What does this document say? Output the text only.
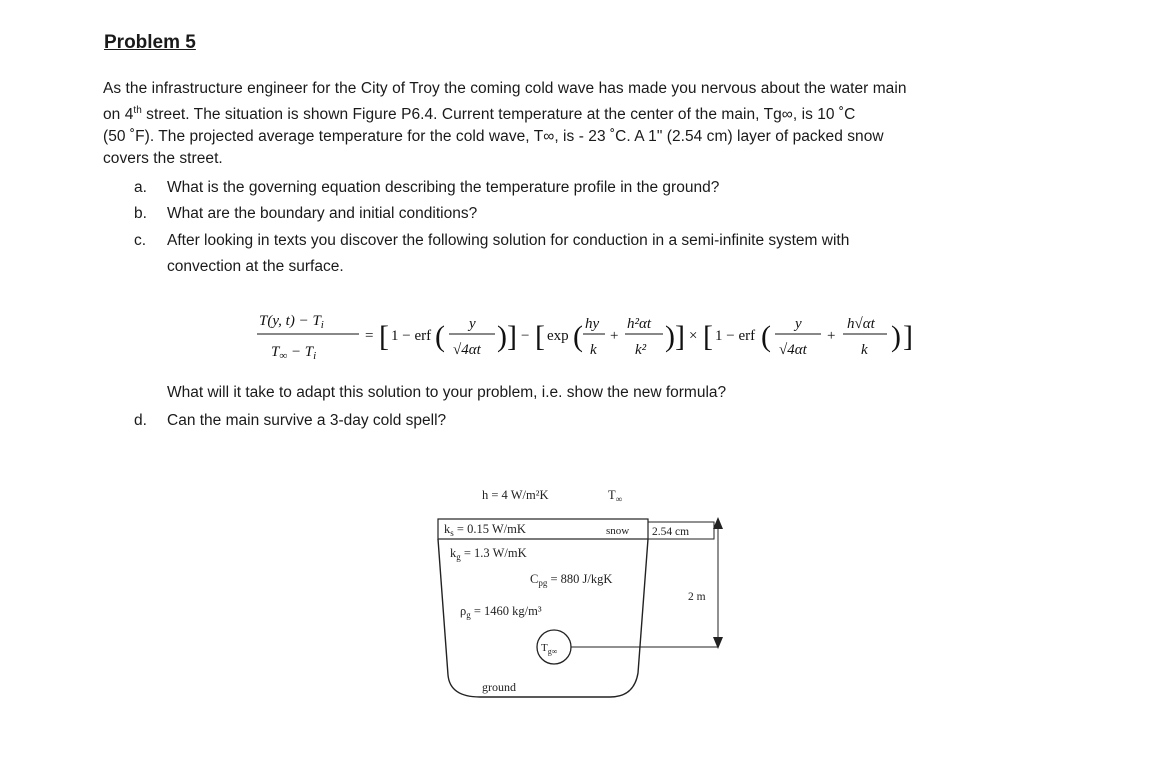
Problem 5
As the infrastructure engineer for the City of Troy the coming cold wave has made you nervous about the water main
on 4th street. The situation is shown Figure P6.4. Current temperature at the center of the main, Tg∞, is 10 ˚C
(50 ˚F). The projected average temperature for the cold wave, T∞, is - 23 ˚C. A 1" (2.54 cm) layer of packed snow
covers the street.
a. What is the governing equation describing the temperature profile in the ground?
b. What are the boundary and initial conditions?
c. After looking in texts you discover the following solution for conduction in a semi-infinite system with
convection at the surface.
T(y, $t) - T_i$
$T_\infty - T_i$
= [ 1 − erf ( y
√4αt ) ] − [ exp ( hy
k
+
h²αt
k² ) ] × [ 1 − erf ( y
√4αt
+
h√αt
k ) ]
What will it take to adapt this solution to your problem, i.e. show the new formula?
d. Can the main survive a 3-day cold spell?
h = 4 W/m²K	$T_\infty$
$k_s = 0.15$ W/mK	snow 2.54 cm
$k_g = 1.3$ W/mK
$C_{pg} = 880$ J/kgK
$\rho_g = 1460$ kg/m³
$T_{g\infty}$
2 m
ground
